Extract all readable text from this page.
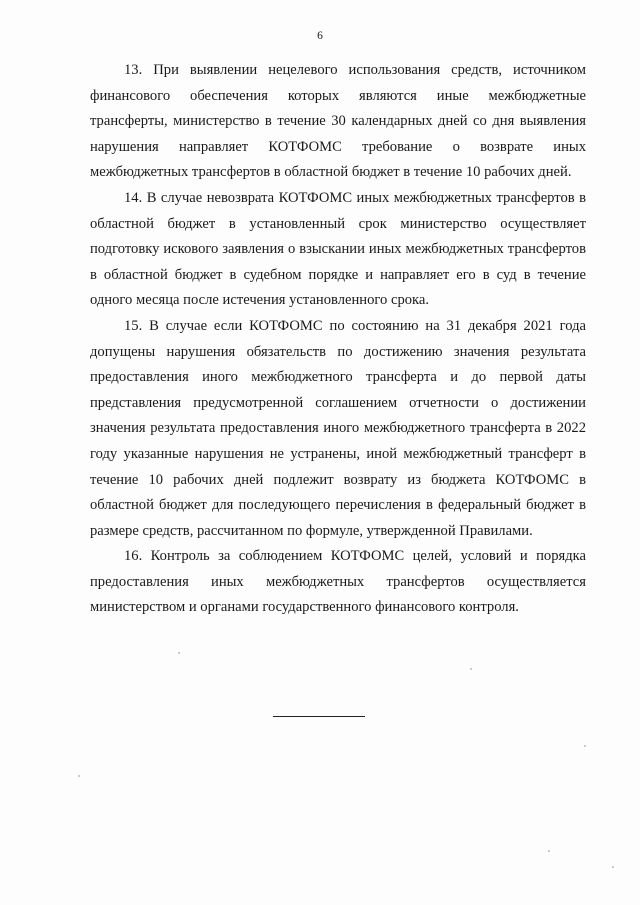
6

13. При выявлении нецелевого использования средств, источником финансового обеспечения которых являются иные межбюджетные трансферты, министерство в течение 30 календарных дней со дня выявления нарушения направляет КОТФОМС требование о возврате иных межбюджетных трансфертов в областной бюджет в течение 10 рабочих дней.

14. В случае невозврата КОТФОМС иных межбюджетных трансфертов в областной бюджет в установленный срок министерство осуществляет подготовку искового заявления о взыскании иных межбюджетных трансфертов в областной бюджет в судебном порядке и направляет его в суд в течение одного месяца после истечения установленного срока.

15. В случае если КОТФОМС по состоянию на 31 декабря 2021 года допущены нарушения обязательств по достижению значения результата предоставления иного межбюджетного трансферта и до первой даты представления предусмотренной соглашением отчетности о достижении значения результата предоставления иного межбюджетного трансферта в 2022 году указанные нарушения не устранены, иной межбюджетный трансферт в течение 10 рабочих дней подлежит возврату из бюджета КОТФОМС в областной бюджет для последующего перечисления в федеральный бюджет в размере средств, рассчитанном по формуле, утвержденной Правилами.

16. Контроль за соблюдением КОТФОМС целей, условий и порядка предоставления иных межбюджетных трансфертов осуществляется министерством и органами государственного финансового контроля.
